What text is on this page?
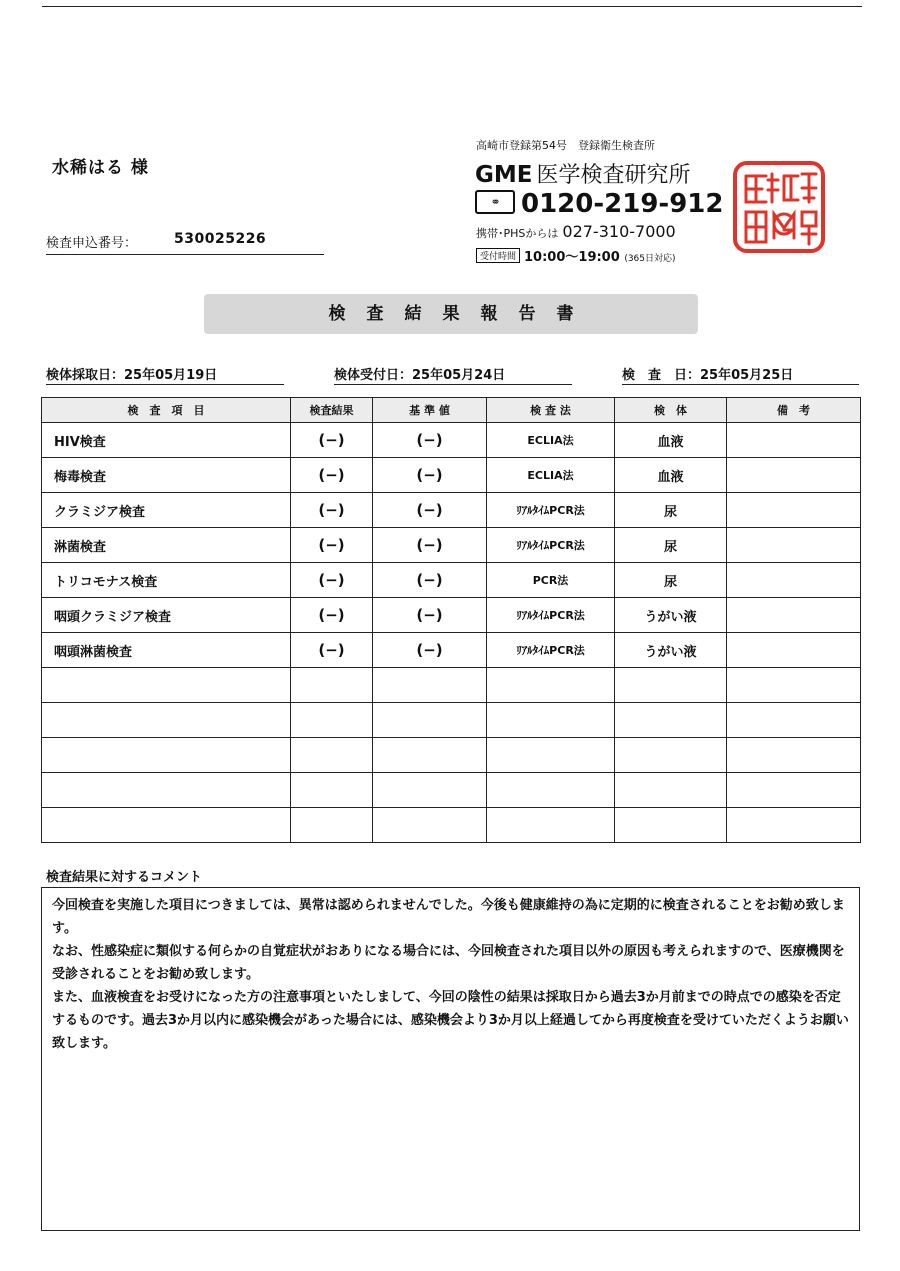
水稀はる 様
検査申込番号：	530025226
高崎市登録第54号　登録衛生検査所
GME 医学検査研究所
⚭ 0120-219-912
携帯･PHSからは 027-310-7000
受付時間 10:00〜19:00 (365日対応)
検査結果報告書
検体採取日：25年05月19日	検体受付日：25年05月24日	検　査　日：25年05月25日
検　査　項　目	検査結果	基 準 値	検 査 法	検　体	備　考
HIV検査	(−)	(−)	ECLIA法	血液	
梅毒検査	(−)	(−)	ECLIA法	血液	
クラミジア検査	(−)	(−)	ﾘｱﾙﾀｲﾑPCR法	尿	
淋菌検査	(−)	(−)	ﾘｱﾙﾀｲﾑPCR法	尿	
トリコモナス検査	(−)	(−)	PCR法	尿	
咽頭クラミジア検査	(−)	(−)	ﾘｱﾙﾀｲﾑPCR法	うがい液	
咽頭淋菌検査	(−)	(−)	ﾘｱﾙﾀｲﾑPCR法	うがい液	

検査結果に対するコメント

今回検査を実施した項目につきましては、異常は認められませんでした。今後も健康維持の為に定期的に検査されることをお勧め致します。

なお、性感染症に類似する何らかの自覚症状がおありになる場合には、今回検査された項目以外の原因も考えられますので、医療機関を受診されることをお勧め致します。

また、血液検査をお受けになった方の注意事項といたしまして、今回の陰性の結果は採取日から過去3か月前までの時点での感染を否定するものです。過去3か月以内に感染機会があった場合には、感染機会より3か月以上経過してから再度検査を受けていただくようお願い致します。
